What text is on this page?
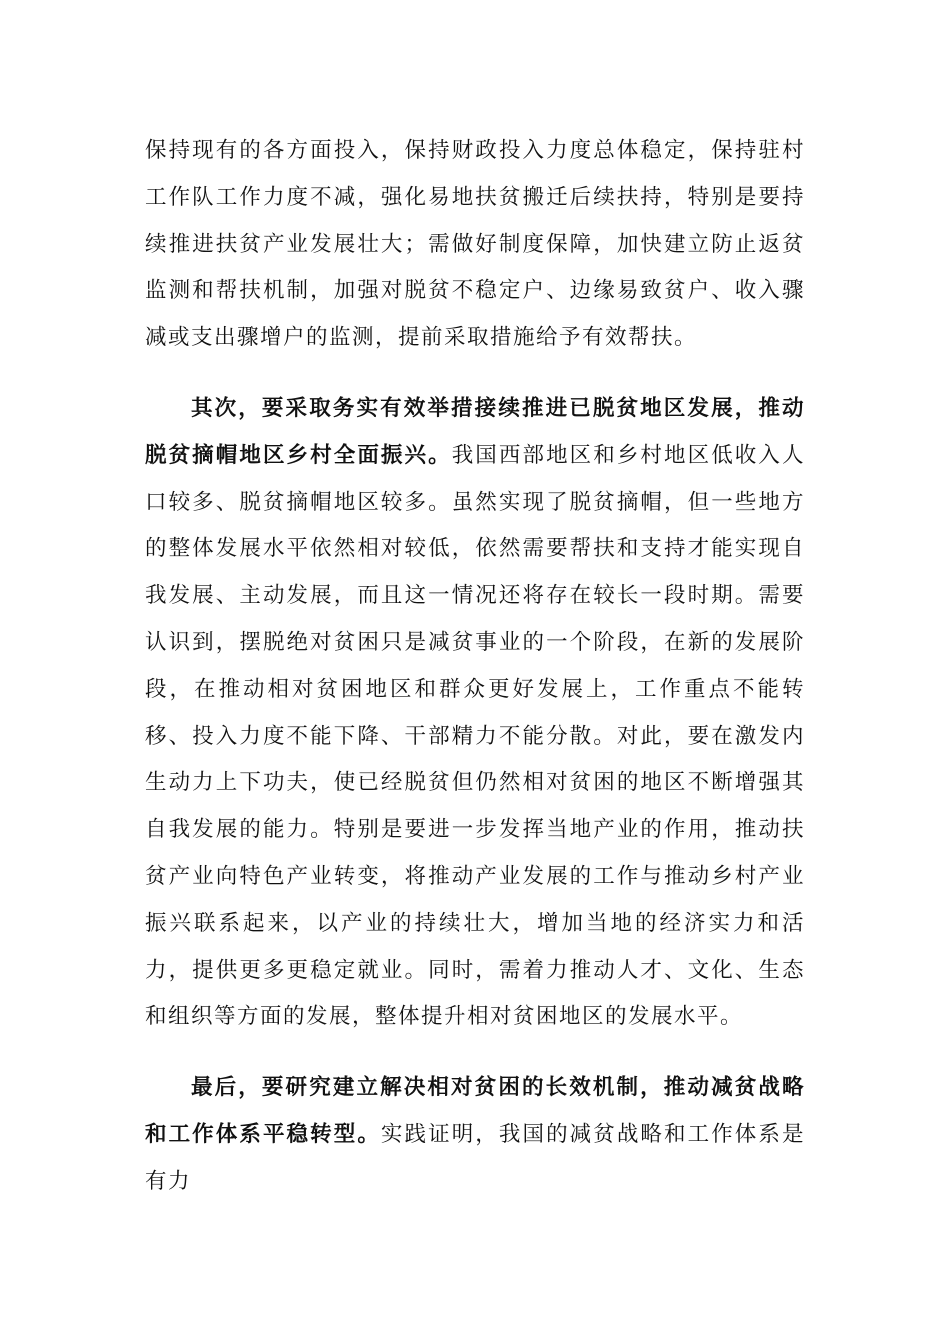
保持现有的各方面投入，保持财政投入力度总体稳定，保持驻村工作队工作力度不减，强化易地扶贫搬迁后续扶持，特别是要持续推进扶贫产业发展壮大；需做好制度保障，加快建立防止返贫监测和帮扶机制，加强对脱贫不稳定户、边缘易致贫户、收入骤减或支出骤增户的监测，提前采取措施给予有效帮扶。

其次，要采取务实有效举措接续推进已脱贫地区发展，推动脱贫摘帽地区乡村全面振兴。我国西部地区和乡村地区低收入人口较多、脱贫摘帽地区较多。虽然实现了脱贫摘帽，但一些地方的整体发展水平依然相对较低，依然需要帮扶和支持才能实现自我发展、主动发展，而且这一情况还将存在较长一段时期。需要认识到，摆脱绝对贫困只是减贫事业的一个阶段，在新的发展阶段，在推动相对贫困地区和群众更好发展上，工作重点不能转移、投入力度不能下降、干部精力不能分散。对此，要在激发内生动力上下功夫，使已经脱贫但仍然相对贫困的地区不断增强其自我发展的能力。特别是要进一步发挥当地产业的作用，推动扶贫产业向特色产业转变，将推动产业发展的工作与推动乡村产业振兴联系起来，以产业的持续壮大，增加当地的经济实力和活力，提供更多更稳定就业。同时，需着力推动人才、文化、生态和组织等方面的发展，整体提升相对贫困地区的发展水平。

最后，要研究建立解决相对贫困的长效机制，推动减贫战略和工作体系平稳转型。实践证明，我国的减贫战略和工作体系是有力
